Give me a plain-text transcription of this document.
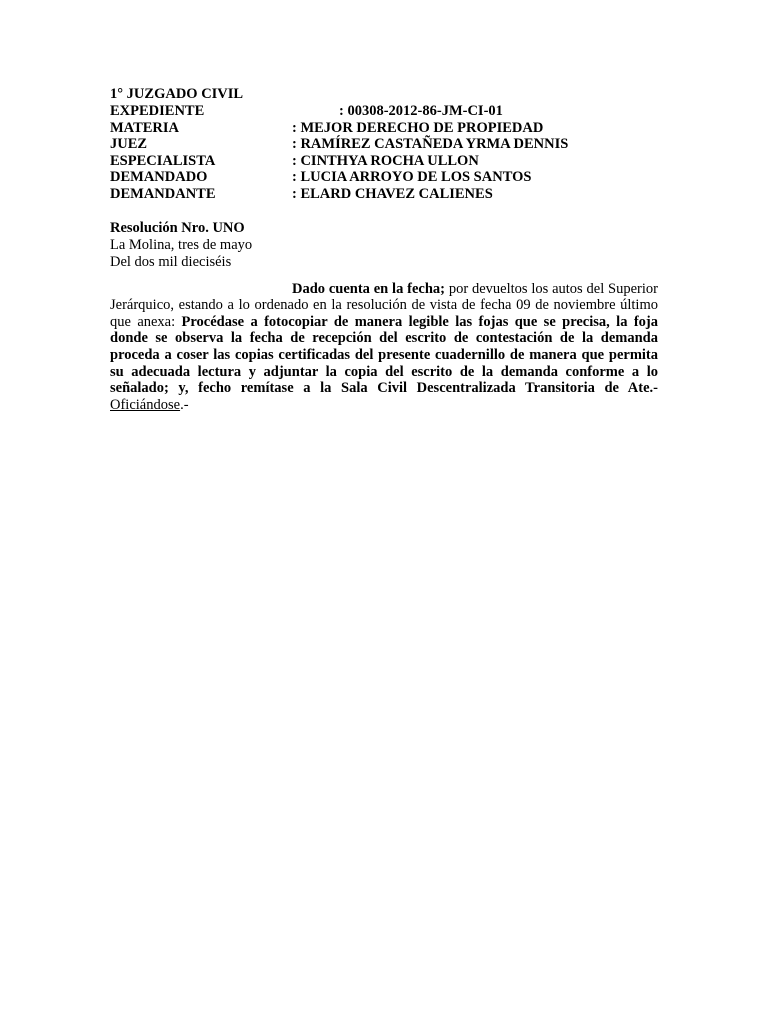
1° JUZGADO CIVIL
EXPEDIENTE	: 00308-2012-86-JM-CI-01
MATERIA	: MEJOR DERECHO DE PROPIEDAD
JUEZ	: RAMÍREZ CASTAÑEDA YRMA DENNIS
ESPECIALISTA	: CINTHYA ROCHA ULLON
DEMANDADO	: LUCIA ARROYO DE LOS SANTOS
DEMANDANTE	: ELARD CHAVEZ CALIENES
Resolución Nro. UNO
La Molina, tres de mayo
Del dos mil dieciséis
Dado cuenta en la fecha; por devueltos los autos del Superior Jerárquico, estando a lo ordenado en la resolución de vista de fecha 09 de noviembre último que anexa: Procédase a fotocopiar de manera legible las fojas que se precisa, la foja donde se observa la fecha de recepción del escrito de contestación de la demanda proceda a coser las copias certificadas del presente cuadernillo de manera que permita su adecuada lectura y adjuntar la copia del escrito de la demanda conforme a lo señalado; y, fecho remítase a la Sala Civil Descentralizada Transitoria de Ate.- Oficiándose.-
